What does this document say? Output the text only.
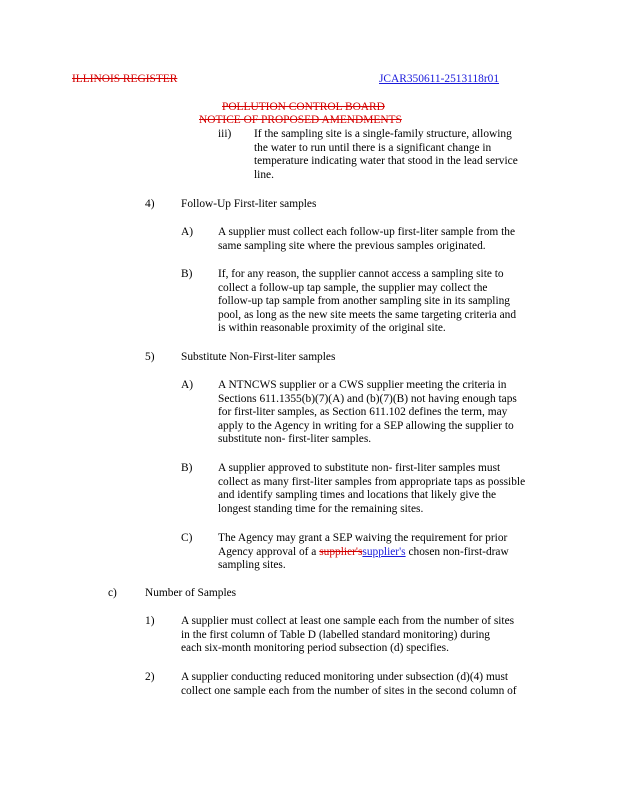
ILLINOIS REGISTER	JCAR350611-2513118r01
POLLUTION CONTROL BOARD
NOTICE OF PROPOSED AMENDMENTS
iii) If the sampling site is a single-family structure, allowing
the water to run until there is a significant change in
temperature indicating water that stood in the lead service
line.
4) Follow-Up First-liter samples
A) A supplier must collect each follow-up first-liter sample from the
same sampling site where the previous samples originated.
B) If, for any reason, the supplier cannot access a sampling site to
collect a follow-up tap sample, the supplier may collect the
follow-up tap sample from another sampling site in its sampling
pool, as long as the new site meets the same targeting criteria and
is within reasonable proximity of the original site.
5) Substitute Non-First-liter samples
A) A NTNCWS supplier or a CWS supplier meeting the criteria in
Sections 611.1355(b)(7)(A) and (b)(7)(B) not having enough taps
for first-liter samples, as Section 611.102 defines the term, may
apply to the Agency in writing for a SEP allowing the supplier to
substitute non- first-liter samples.
B) A supplier approved to substitute non- first-liter samples must
collect as many first-liter samples from appropriate taps as possible
and identify sampling times and locations that likely give the
longest standing time for the remaining sites.
C) The Agency may grant a SEP waiving the requirement for prior
Agency approval of a supplier'ssupplier's chosen non-first-draw
sampling sites.
c) Number of Samples
1) A supplier must collect at least one sample each from the number of sites
in the first column of Table D (labelled standard monitoring) during
each six-month monitoring period subsection (d) specifies.
2) A supplier conducting reduced monitoring under subsection (d)(4) must
collect one sample each from the number of sites in the second column of
